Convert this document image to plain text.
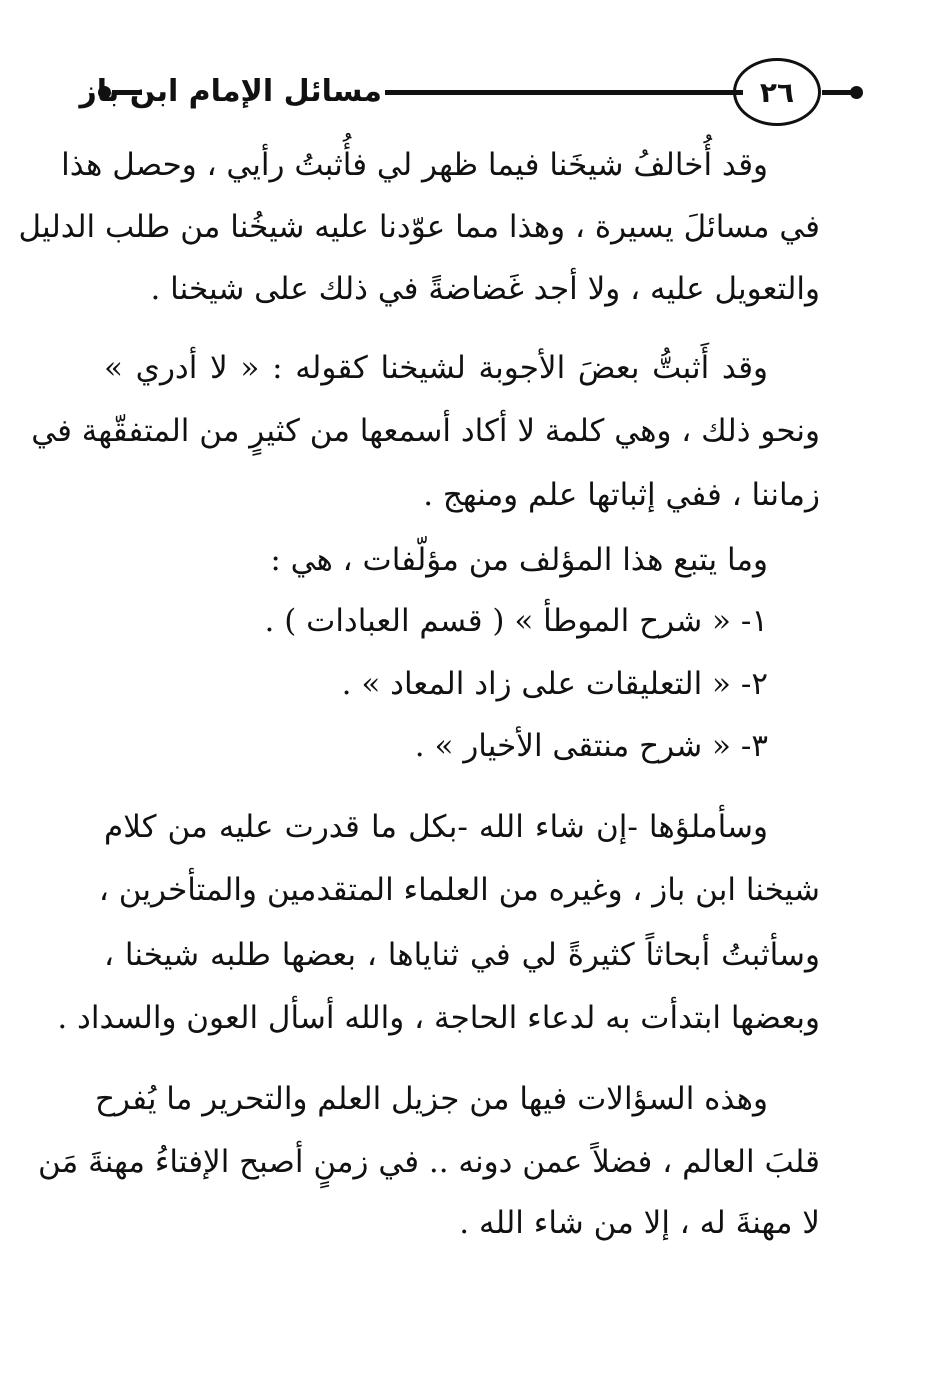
مسائل الإمام ابن باز	٢٦
وقد أُخالفُ شيخَنا فيما ظهر لي فأُثبتُ رأيي ، وحصل هذا
في مسائلَ يسيرة ، وهذا مما عوّدنا عليه شيخُنا من طلب الدليل
والتعويل عليه ، ولا أجد غَضاضةً في ذلك على شيخنا .
وقد أَثبتُّ بعضَ الأجوبة لشيخنا كقوله : « لا أدري »
ونحو ذلك ، وهي كلمة لا أكاد أسمعها من كثيرٍ من المتفقّهة في
زماننا ، ففي إثباتها علم ومنهج .
وما يتبع هذا المؤلف من مؤلّفات ، هي :
١- « شرح الموطأ » ( قسم العبادات ) .
٢- « التعليقات على زاد المعاد » .
٣- « شرح منتقى الأخيار » .
وسأملؤها -إن شاء الله -بكل ما قدرت عليه من كلام
شيخنا ابن باز ، وغيره من العلماء المتقدمين والمتأخرين ،
وسأثبتُ أبحاثاً كثيرةً لي في ثناياها ، بعضها طلبه شيخنا ،
وبعضها ابتدأت به لدعاء الحاجة ، والله أسأل العون والسداد .
وهذه السؤالات فيها من جزيل العلم والتحرير ما يُفرح
قلبَ العالم ، فضلاً عمن دونه .. في زمنٍ أصبح الإفتاءُ مهنةَ مَن
لا مهنةَ له ، إلا من شاء الله .
